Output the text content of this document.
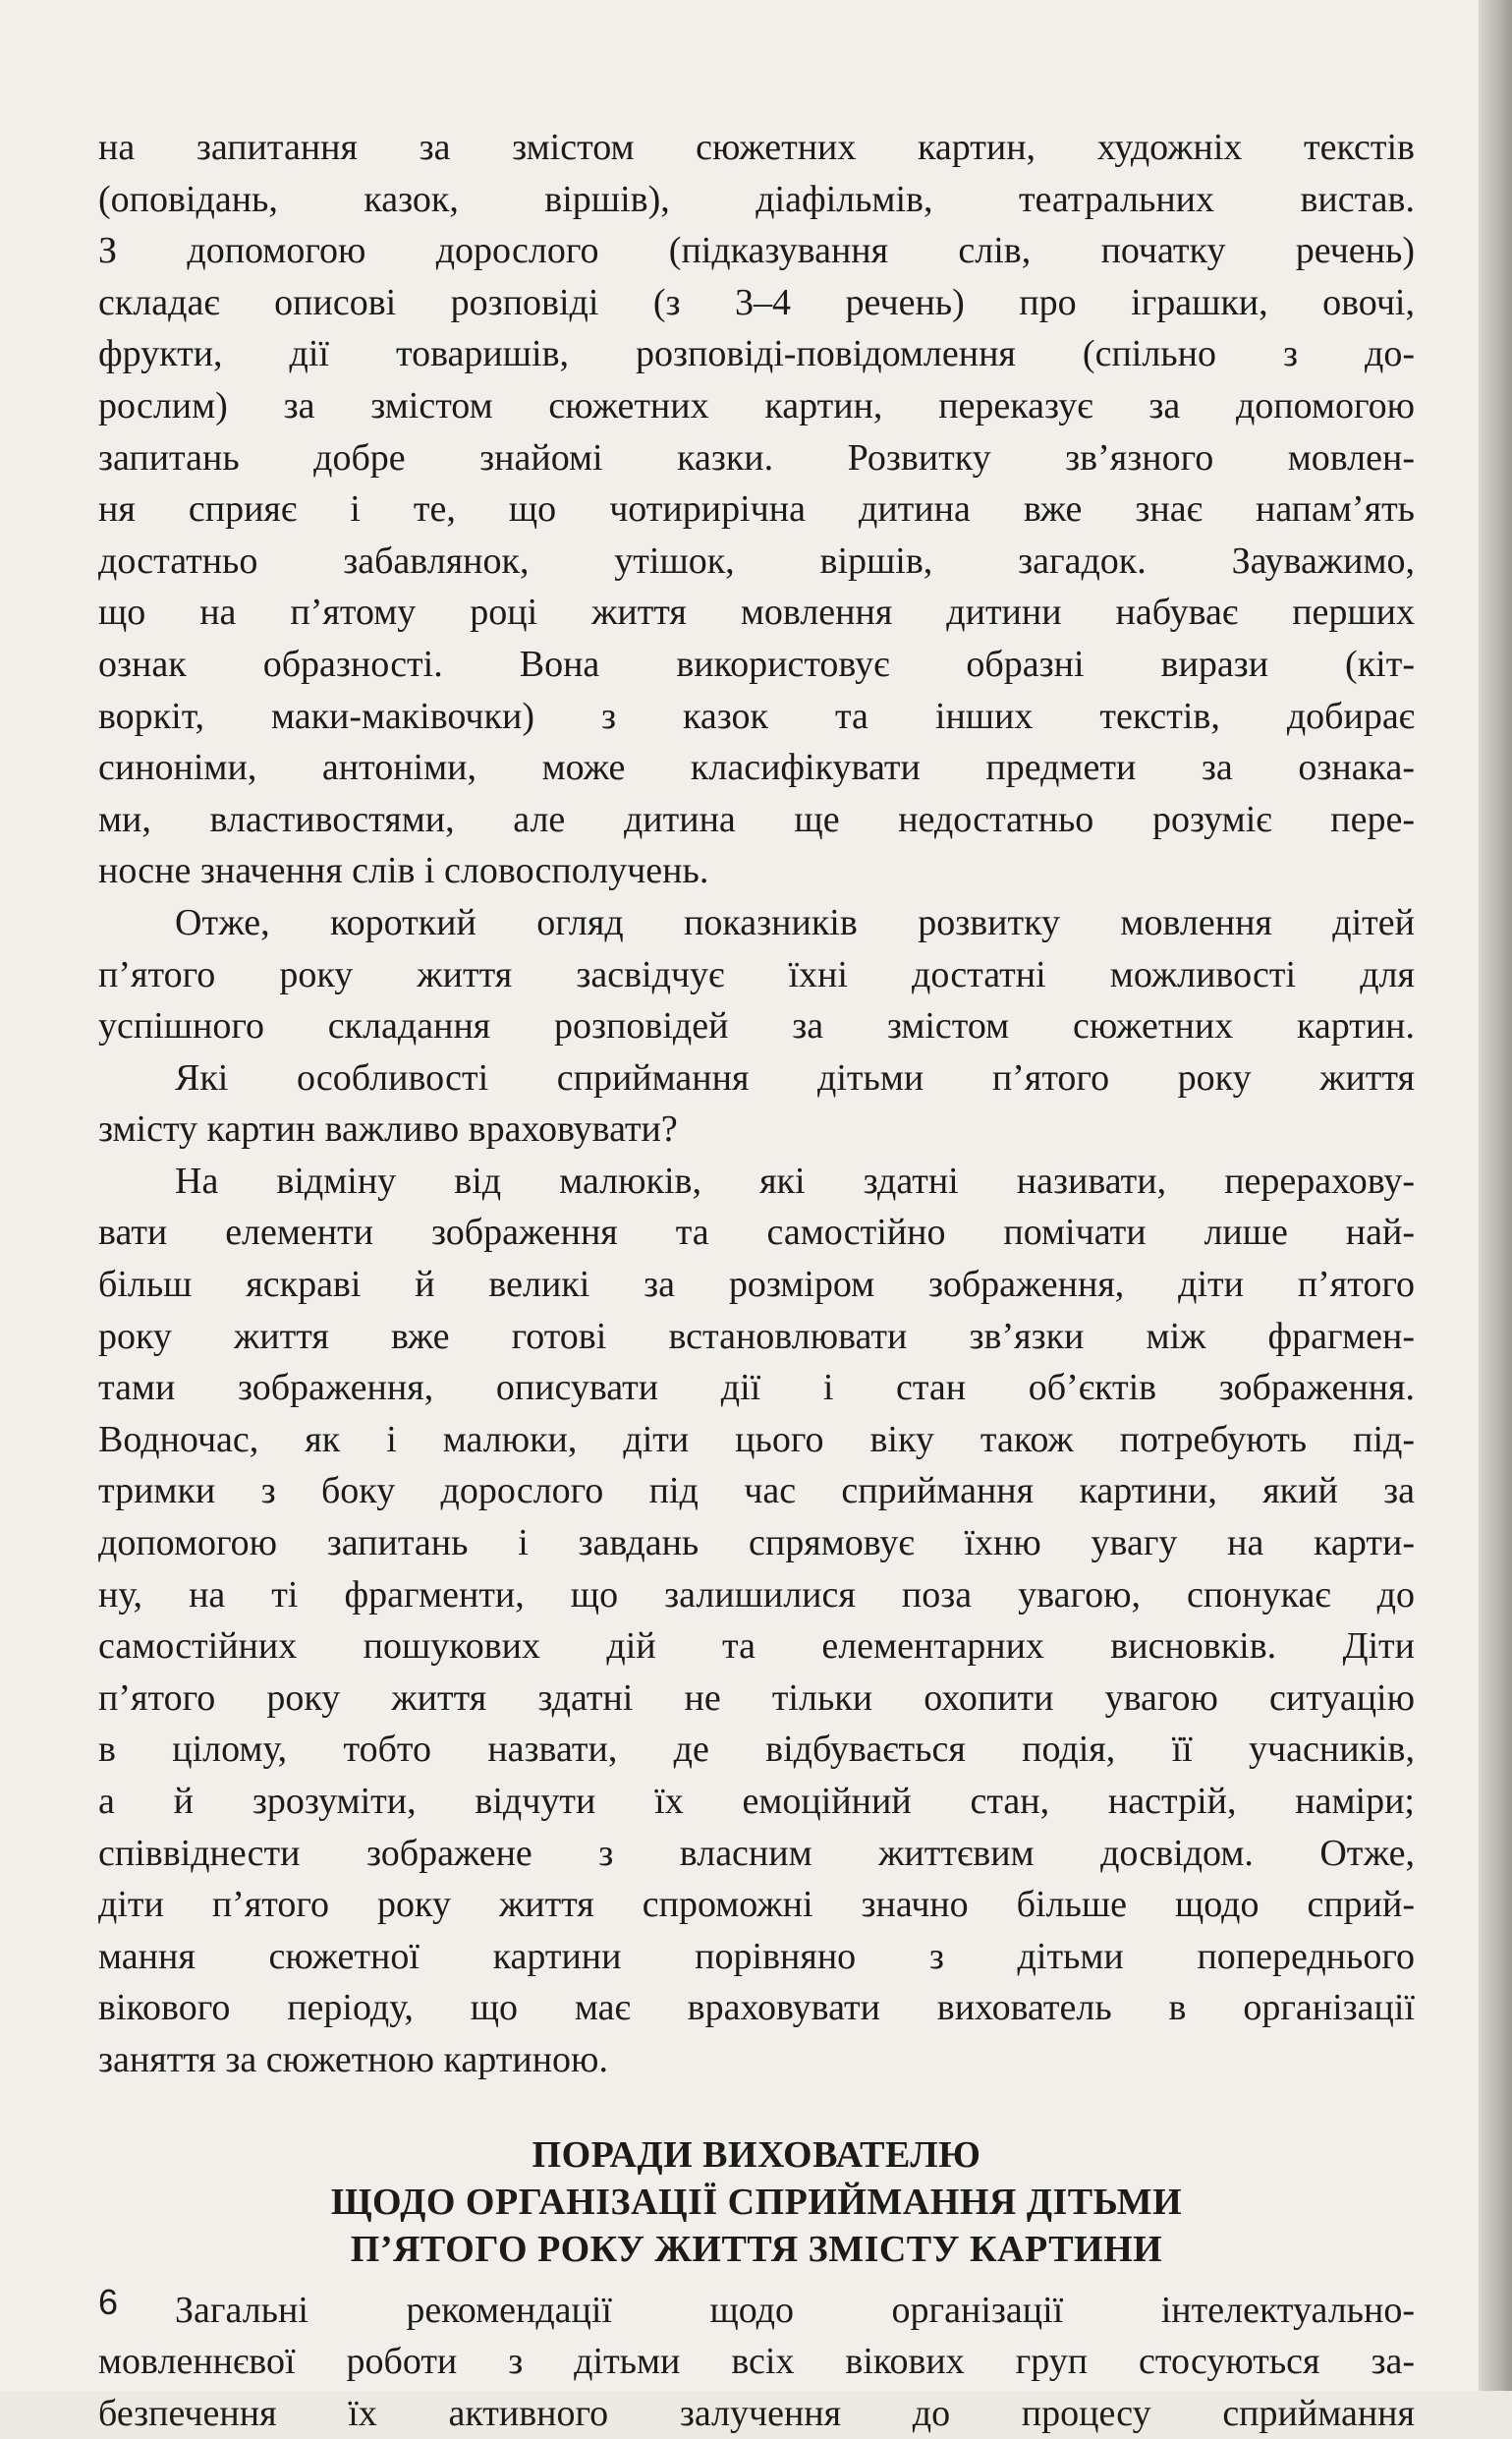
на запитання за змістом сюжетних картин, художніх текстів
(оповідань, казок, віршів), діафільмів, театральних вистав.
З допомогою дорослого (підказування слів, початку речень)
складає описові розповіді (з 3–4 речень) про іграшки, овочі,
фрукти, дії товаришів, розповіді-повідомлення (спільно з до-
рослим) за змістом сюжетних картин, переказує за допомогою
запитань добре знайомі казки. Розвитку зв’язного мовлен-
ня сприяє і те, що чотирирічна дитина вже знає напам’ять
достатньо забавлянок, утішок, віршів, загадок. Зауважимо,
що на п’ятому році життя мовлення дитини набуває перших
ознак образності. Вона використовує образні вирази (кіт-
воркіт, маки-маківочки) з казок та інших текстів, добирає
синоніми, антоніми, може класифікувати предмети за ознака-
ми, властивостями, але дитина ще недостатньо розуміє пере-
носне значення слів і словосполучень.
Отже, короткий огляд показників розвитку мовлення дітей
п’ятого року життя засвідчує їхні достатні можливості для
успішного складання розповідей за змістом сюжетних картин.
Які особливості сприймання дітьми п’ятого року життя
змісту картин важливо враховувати?
На відміну від малюків, які здатні називати, перерахову-
вати елементи зображення та самостійно помічати лише най-
більш яскраві й великі за розміром зображення, діти п’ятого
року життя вже готові встановлювати зв’язки між фрагмен-
тами зображення, описувати дії і стан об’єктів зображення.
Водночас, як і малюки, діти цього віку також потребують під-
тримки з боку дорослого під час сприймання картини, який за
допомогою запитань і завдань спрямовує їхню увагу на карти-
ну, на ті фрагменти, що залишилися поза увагою, спонукає до
самостійних пошукових дій та елементарних висновків. Діти
п’ятого року життя здатні не тільки охопити увагою ситуацію
в цілому, тобто назвати, де відбувається подія, її учасників,
а й зрозуміти, відчути їх емоційний стан, настрій, наміри;
співвіднести зображене з власним життєвим досвідом. Отже,
діти п’ятого року життя спроможні значно більше щодо сприй-
мання сюжетної картини порівняно з дітьми попереднього
вікового періоду, що має враховувати вихователь в організації
заняття за сюжетною картиною.
ПОРАДИ ВИХОВАТЕЛЮ
ЩОДО ОРГАНІЗАЦІЇ СПРИЙМАННЯ ДІТЬМИ
П’ЯТОГО РОКУ ЖИТТЯ ЗМІСТУ КАРТИНИ
Загальні рекомендації щодо організації інтелектуально-
мовленнєвої роботи з дітьми всіх вікових груп стосуються за-
безпечення їх активного залучення до процесу сприймання
6
